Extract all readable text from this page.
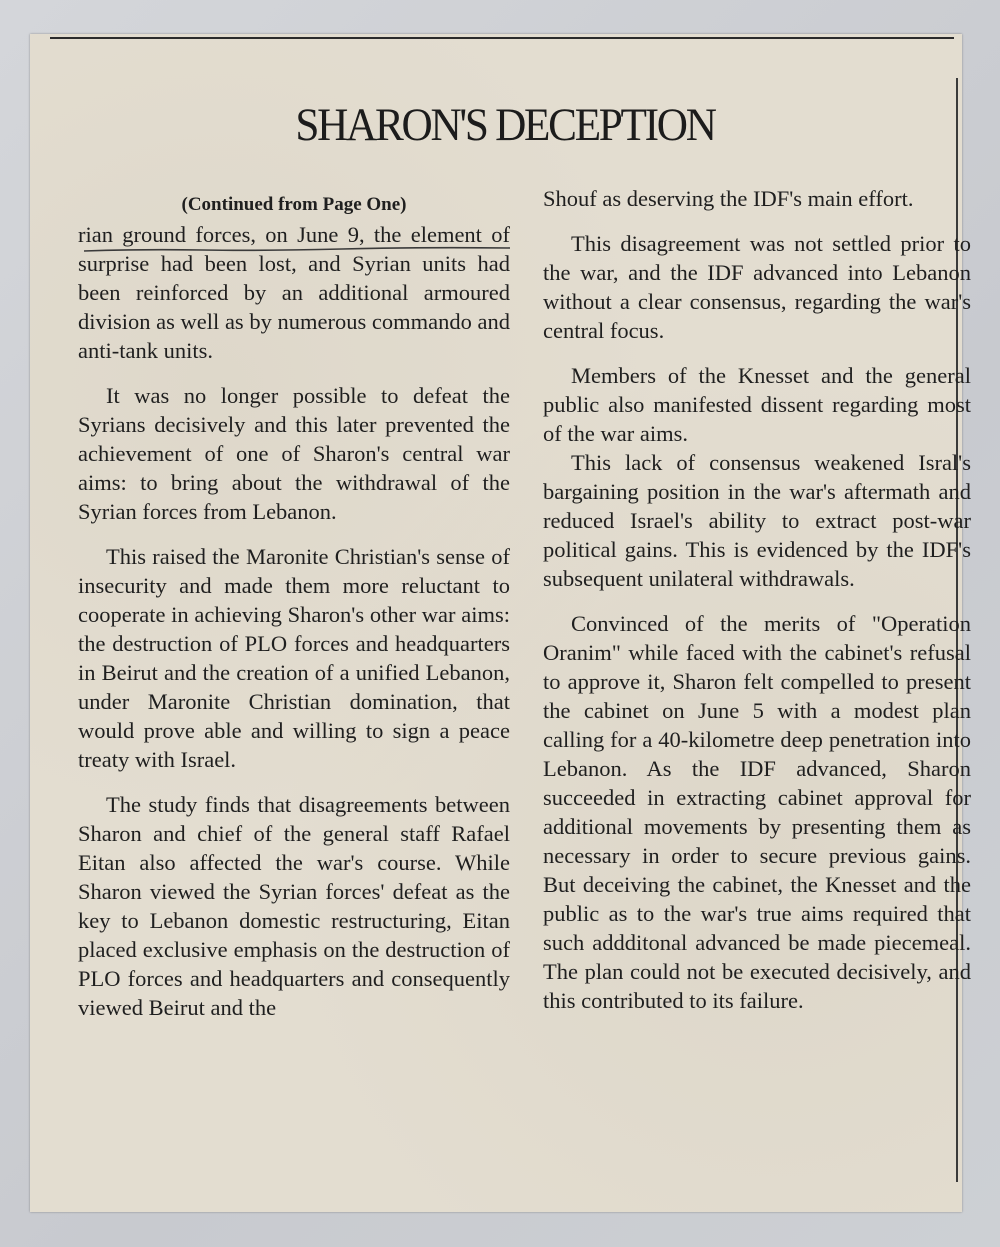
SHARON'S DECEPTION
(Continued from Page One)

rian ground forces, on June 9, the element of surprise had been lost, and Syrian units had been reinforced by an additional armoured division as well as by numerous commando and anti-tank units.

It was no longer possible to defeat the Syrians decisively and this later prevented the achievement of one of Sharon's central war aims: to bring about the withdrawal of the Syrian forces from Lebanon.

This raised the Maronite Christian's sense of insecurity and made them more reluctant to cooperate in achieving Sharon's other war aims: the destruction of PLO forces and headquarters in Beirut and the creation of a unified Lebanon, under Maronite Christian domination, that would prove able and willing to sign a peace treaty with Israel.

The study finds that disagreements between Sharon and chief of the general staff Rafael Eitan also affected the war's course. While Sharon viewed the Syrian forces' defeat as the key to Lebanon domestic restructuring, Eitan placed exclusive emphasis on the destruction of PLO forces and headquarters and consequently viewed Beirut and the

Shouf as deserving the IDF's main effort.

This disagreement was not settled prior to the war, and the IDF advanced into Lebanon without a clear consensus, regarding the war's central focus.

Members of the Knesset and the general public also manifested dissent regarding most of the war aims.

This lack of consensus weakened Isral's bargaining position in the war's aftermath and reduced Israel's ability to extract post-war political gains. This is evidenced by the IDF's subsequent unilateral withdrawals.

Convinced of the merits of "Operation Oranim" while faced with the cabinet's refusal to approve it, Sharon felt compelled to present the cabinet on June 5 with a modest plan calling for a 40-kilometre deep penetration into Lebanon. As the IDF advanced, Sharon succeeded in extracting cabinet approval for additional movements by presenting them as necessary in order to secure previous gains. But deceiving the cabinet, the Knesset and the public as to the war's true aims required that such addditonal advanced be made piecemeal. The plan could not be executed decisively, and this contributed to its failure.
